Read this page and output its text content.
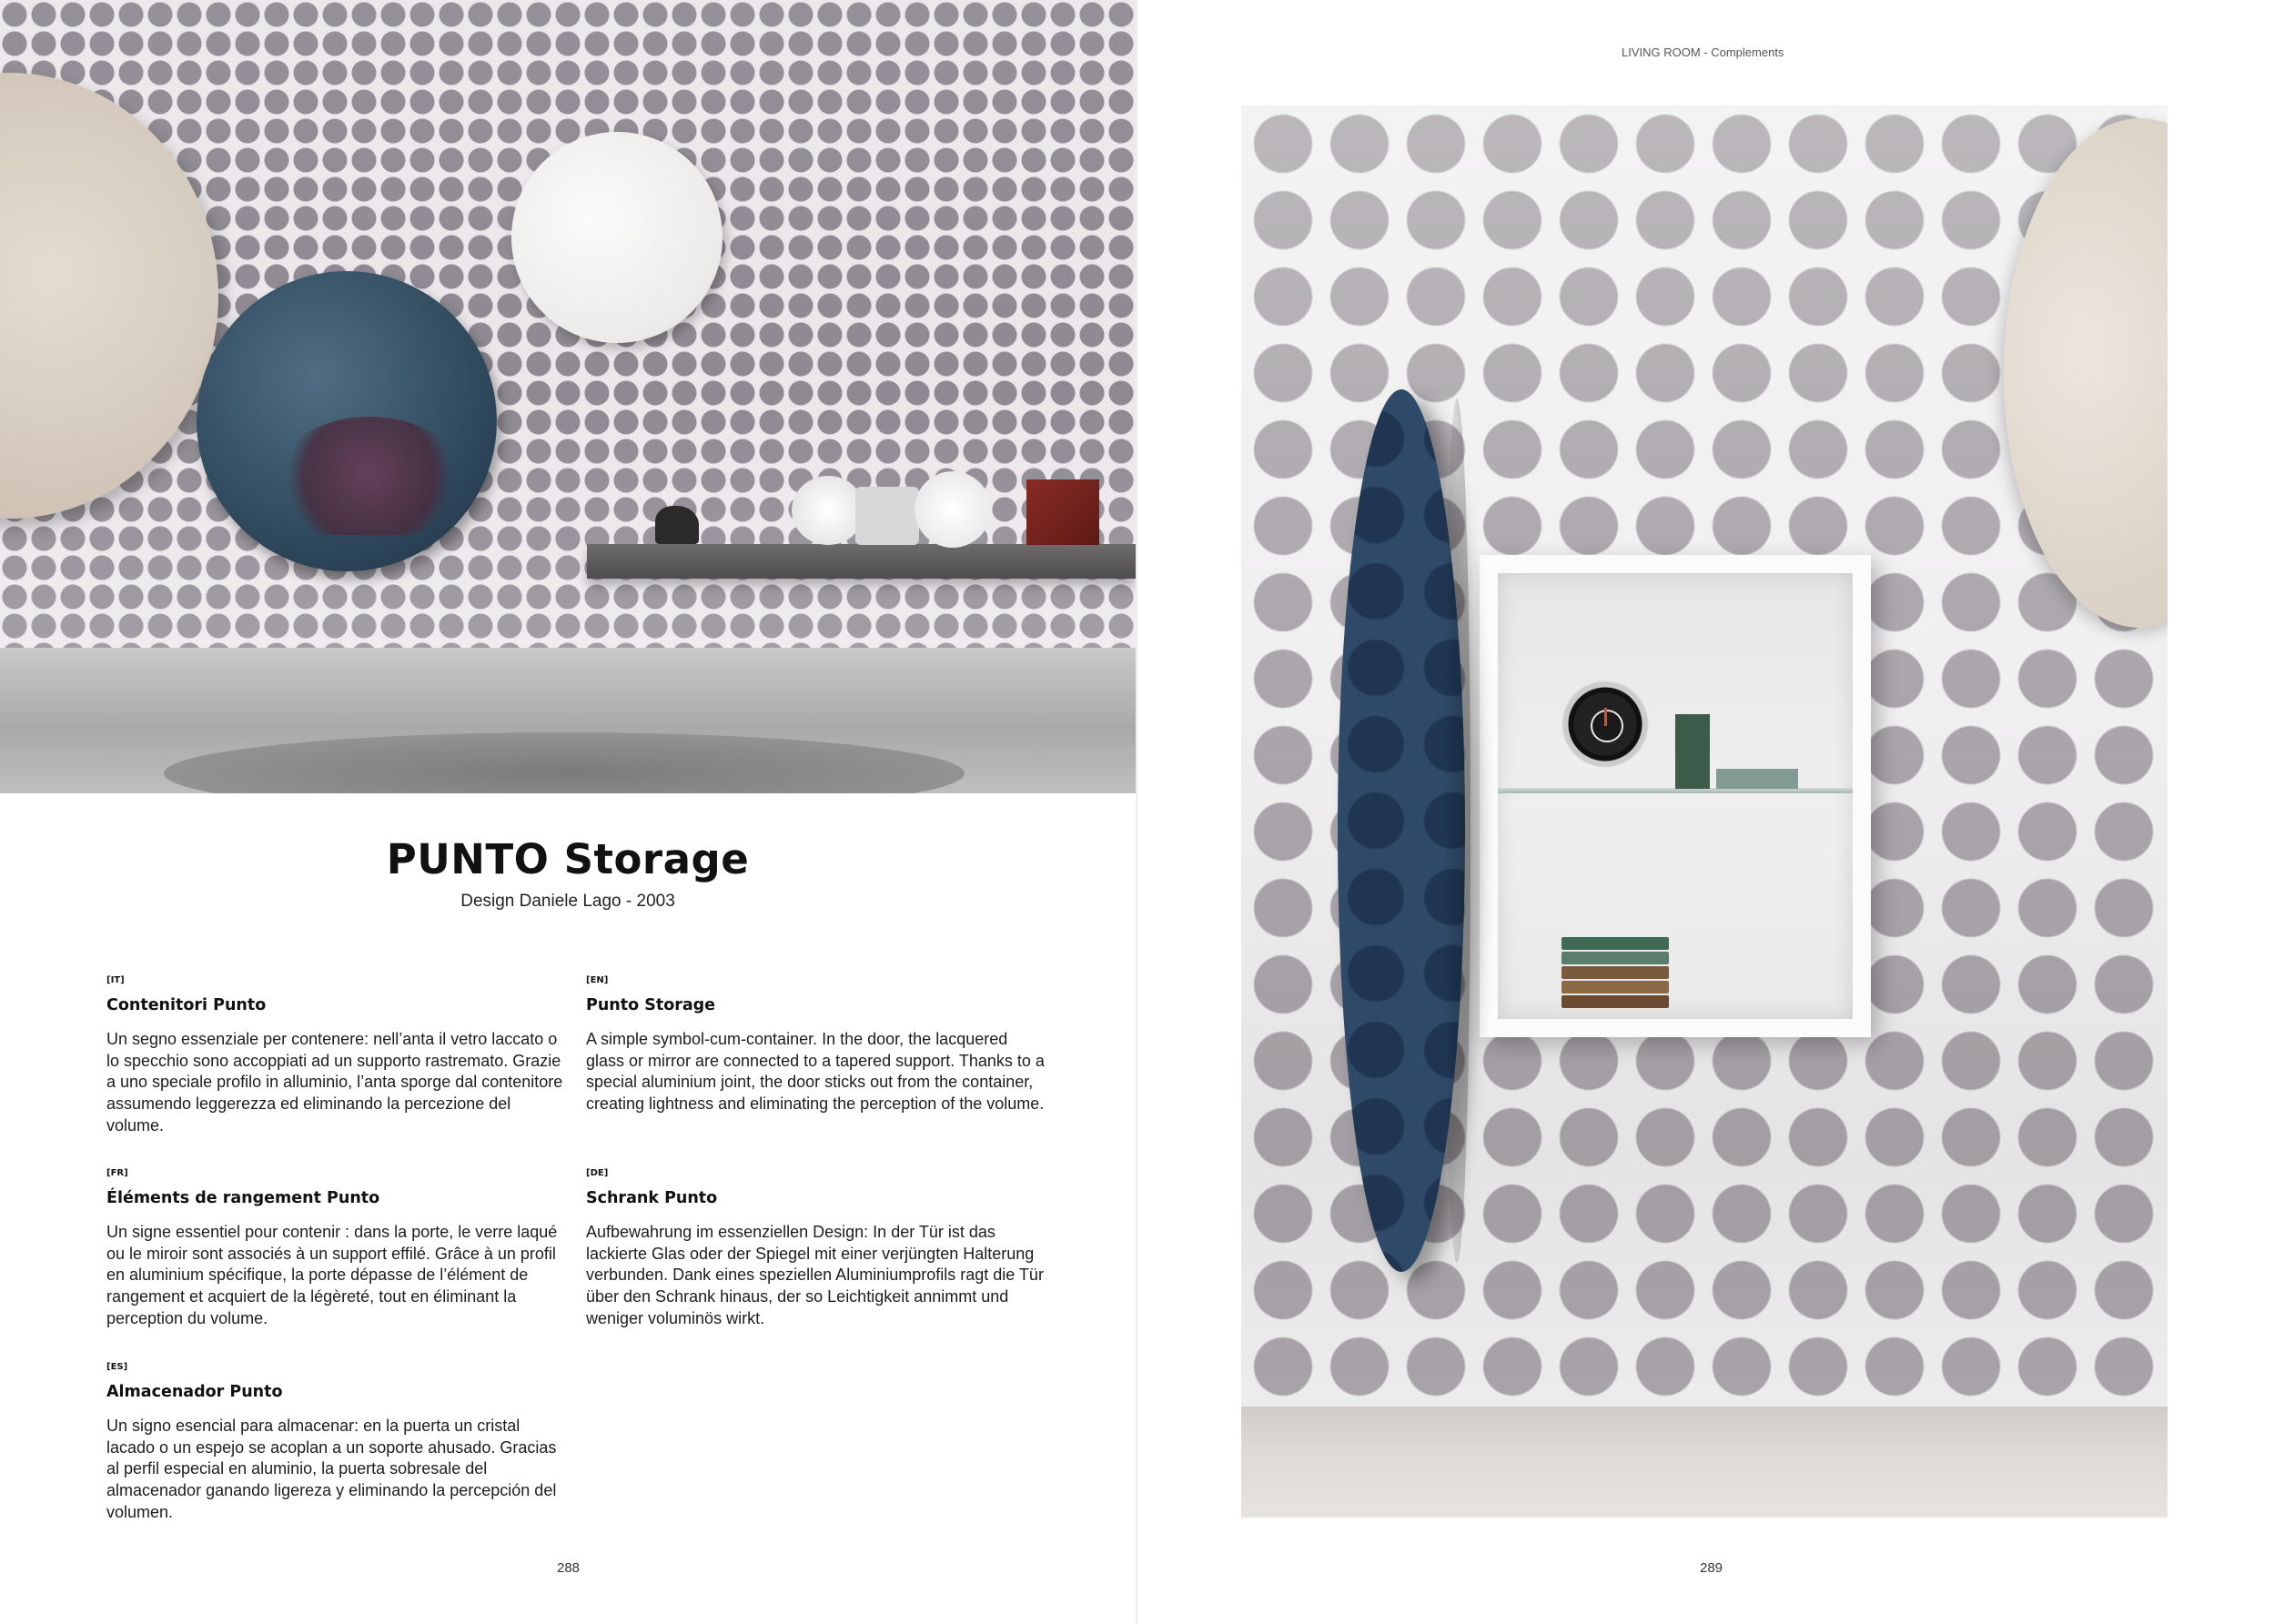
PUNTO Storage
Design Daniele Lago - 2003

[IT]

Contenitori Punto

Un segno essenziale per contenere: nell’anta il vetro laccato o lo specchio sono accoppiati ad un supporto rastremato. Grazie a uno speciale profilo in alluminio, l’anta sporge dal contenitore assumendo leggerezza ed eliminando la percezione del volume.

[EN]

Punto Storage

A simple symbol-cum-container. In the door, the lacquered glass or mirror are connected to a tapered support. Thanks to a special aluminium joint, the door sticks out from the container, creating lightness and eliminating the perception of the volume.

[FR]

Éléments de rangement Punto

Un signe essentiel pour contenir : dans la porte, le verre laqué ou le miroir sont associés à un support effilé. Grâce à un profil en aluminium spécifique, la porte dépasse de l’élément de rangement et acquiert de la légèreté, tout en éliminant la perception du volume.

[DE]

Schrank Punto

Aufbewahrung im essenziellen Design: In der Tür ist das lackierte Glas oder der Spiegel mit einer verjüngten Halterung verbunden. Dank eines speziellen Aluminiumprofils ragt die Tür über den Schrank hinaus, der so Leichtigkeit annimmt und weniger voluminös wirkt.

[ES]

Almacenador Punto

Un signo esencial para almacenar: en la puerta un cristal lacado o un espejo se acoplan a un soporte ahusado. Gracias al perfil especial en aluminio, la puerta sobresale del almacenador ganando ligereza y eliminando la percepción del volumen.

288
LIVING ROOM - Complements
289
